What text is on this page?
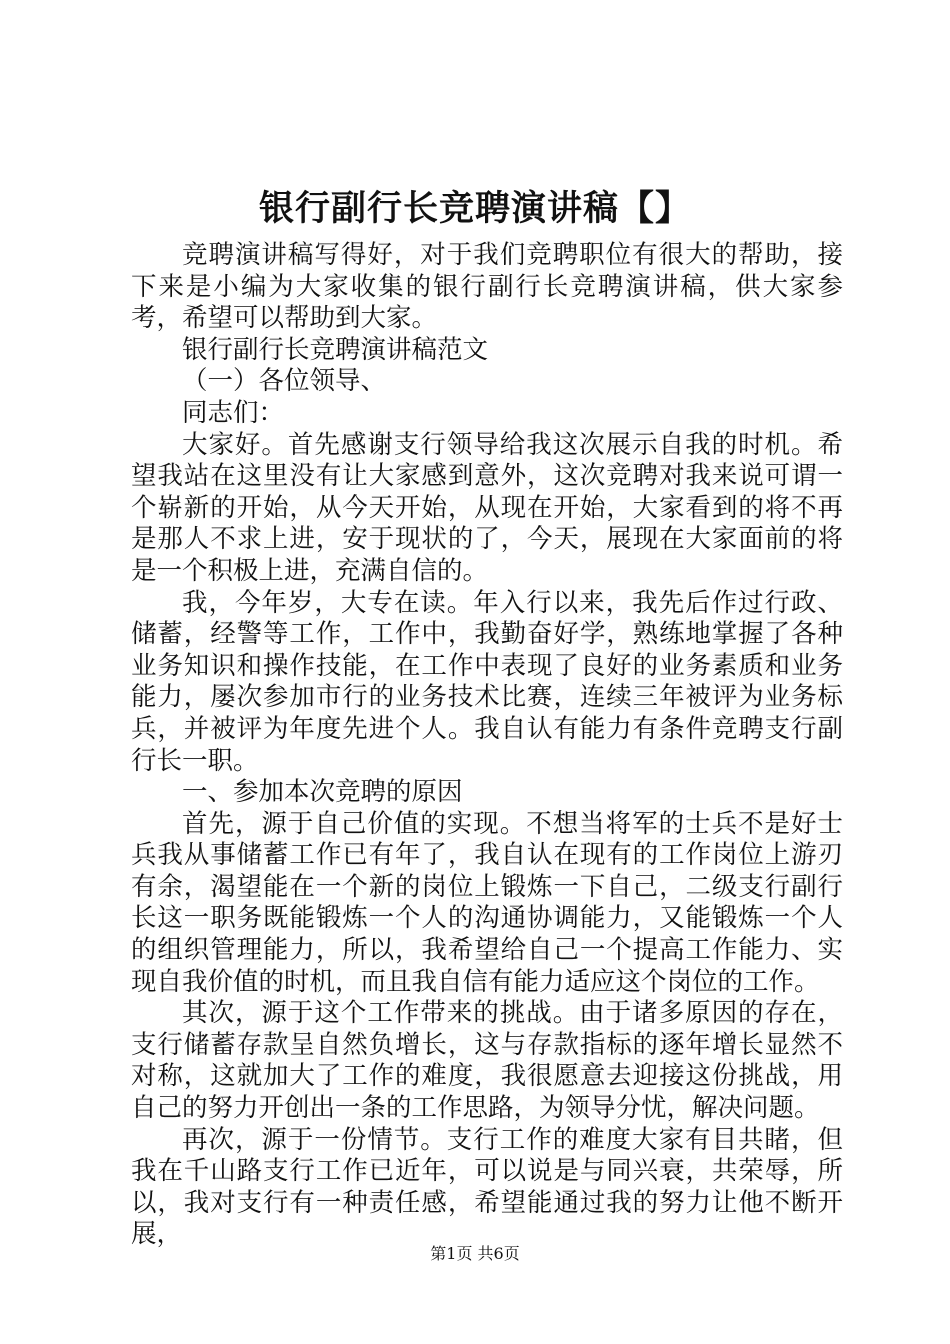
银行副行长竞聘演讲稿【】

竞聘演讲稿写得好，对于我们竞聘职位有很大的帮助，接下来是小编为大家收集的银行副行长竞聘演讲稿，供大家参考，希望可以帮助到大家。

银行副行长竞聘演讲稿范文

（一）各位领导、

同志们：

大家好。首先感谢支行领导给我这次展示自我的时机。希望我站在这里没有让大家感到意外，这次竞聘对我来说可谓一个崭新的开始，从今天开始，从现在开始，大家看到的将不再是那人不求上进，安于现状的了，今天，展现在大家面前的将是一个积极上进，充满自信的。

我，今年岁，大专在读。年入行以来，我先后作过行政、储蓄，经警等工作，工作中，我勤奋好学，熟练地掌握了各种业务知识和操作技能，在工作中表现了良好的业务素质和业务能力，屡次参加市行的业务技术比赛，连续三年被评为业务标兵，并被评为年度先进个人。我自认有能力有条件竞聘支行副行长一职。

一、参加本次竞聘的原因

首先，源于自己价值的实现。不想当将军的士兵不是好士兵我从事储蓄工作已有年了，我自认在现有的工作岗位上游刃有余，渴望能在一个新的岗位上锻炼一下自己，二级支行副行长这一职务既能锻炼一个人的沟通协调能力，又能锻炼一个人的组织管理能力，所以，我希望给自己一个提高工作能力、实现自我价值的时机，而且我自信有能力适应这个岗位的工作。

其次，源于这个工作带来的挑战。由于诸多原因的存在，支行储蓄存款呈自然负增长，这与存款指标的逐年增长显然不对称，这就加大了工作的难度，我很愿意去迎接这份挑战，用自己的努力开创出一条的工作思路，为领导分忧，解决问题。

再次，源于一份情节。支行工作的难度大家有目共睹，但我在千山路支行工作已近年，可以说是与同兴衰，共荣辱，所以，我对支行有一种责任感，希望能通过我的努力让他不断开展，

第1页 共6页
